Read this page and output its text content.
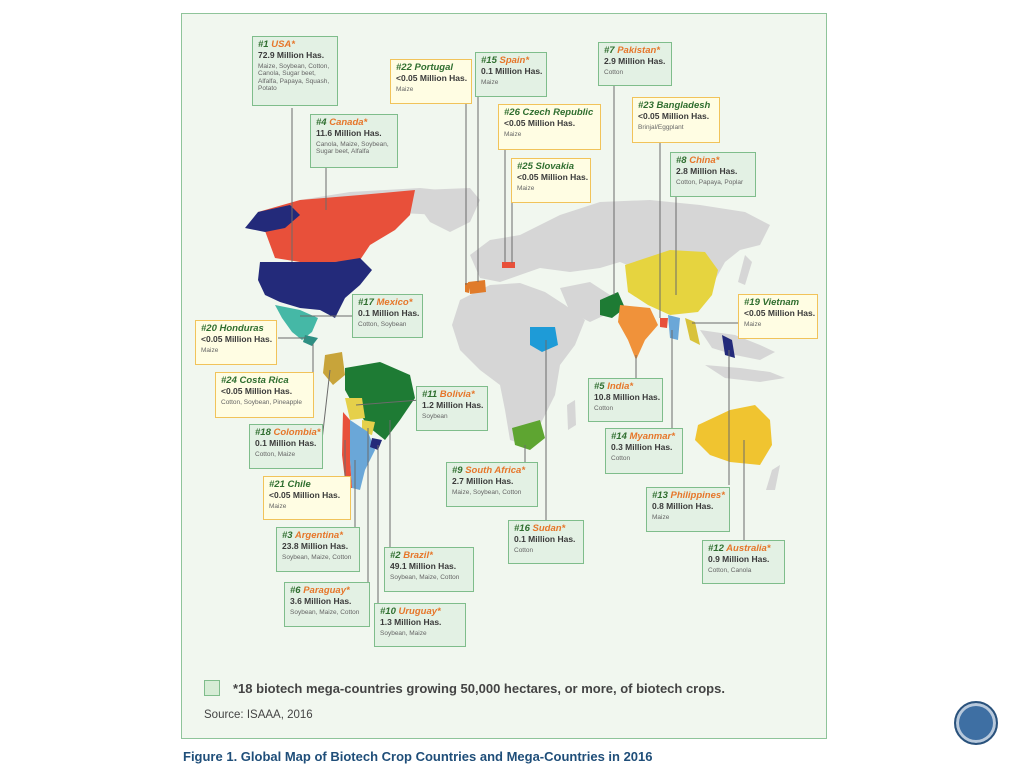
#1 USA*
72.9 Million Has.
Maize, Soybean, Cotton, Canola, Sugar beet, Alfalfa, Papaya, Squash, Potato
#4 Canada*
11.6 Million Has.
Canola, Maize, Soybean, Sugar beet, Alfalfa
#22 Portugal
<0.05 Million Has.
Maize
#15 Spain*
0.1 Million Has.
Maize
#26 Czech Republic
<0.05 Million Has.
Maize
#25 Slovakia
<0.05 Million Has.
Maize
#7 Pakistan*
2.9 Million Has.
Cotton
#23 Bangladesh
<0.05 Million Has.
Brinjal/Eggplant
#8 China*
2.8 Million Has.
Cotton, Papaya, Poplar
#19 Vietnam
<0.05 Million Has.
Maize
#17 Mexico*
0.1 Million Has.
Cotton, Soybean
#20 Honduras
<0.05 Million Has.
Maize
#24 Costa Rica
<0.05 Million Has.
Cotton, Soybean, Pineapple
#11 Bolivia*
1.2 Million Has.
Soybean
#18 Colombia*
0.1 Million Has.
Cotton, Maize
#21 Chile
<0.05 Million Has.
Maize
#9 South Africa*
2.7 Million Has.
Maize, Soybean, Cotton
#5 India*
10.8 Million Has.
Cotton
#14 Myanmar*
0.3 Million Has.
Cotton
#13 Philippines*
0.8 Million Has.
Maize
#16 Sudan*
0.1 Million Has.
Cotton	#12 Australia*
0.9 Million Has.
Cotton, Canola
#3 Argentina*
23.8 Million Has.
Soybean, Maize, Cotton	#2 Brazil*
49.1 Million Has.
Soybean, Maize, Cotton
#6 Paraguay*
3.6 Million Has.
Soybean, Maize, Cotton	#10 Uruguay*
1.3 Million Has.
Soybean, Maize
*18 biotech mega-countries growing 50,000 hectares, or more, of biotech crops.
Source: ISAAA, 2016
Figure 1. Global Map of Biotech Crop Countries and Mega-Countries in 2016
